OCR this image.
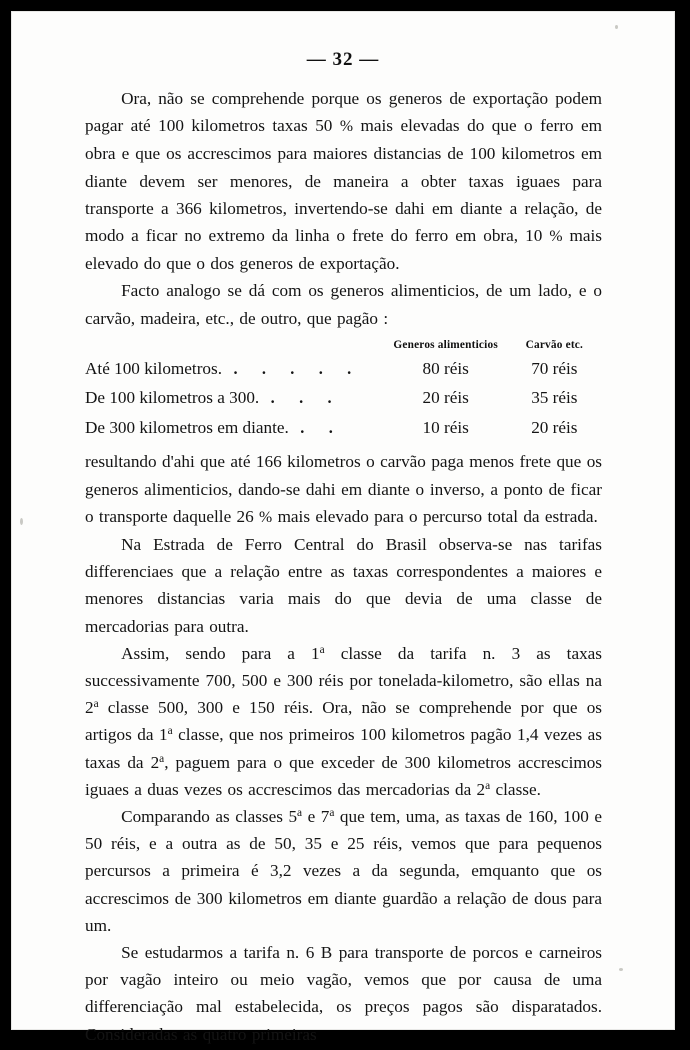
— 32 —

Ora, não se comprehende porque os generos de exportação podem pagar até 100 kilometros taxas 50 % mais elevadas do que o ferro em obra e que os accrescimos para maiores distancias de 100 kilometros em diante devem ser menores, de maneira a obter taxas iguaes para transporte a 366 kilometros, invertendo-se dahi em diante a relação, de modo a ficar no extremo da linha o frete do ferro em obra, 10 % mais elevado do que o dos generos de exportação.

Facto analogo se dá com os generos alimenticios, de um lado, e o carvão, madeira, etc., de outro, que pagão :

	Generos alimenticios	Carvão etc.
Até 100 kilometros. . . . . .	80 réis	70 réis
De 100 kilometros a 300. . . .	20 réis	35 réis
De 300 kilometros em diante. . .	10 réis	20 réis

resultando d'ahi que até 166 kilometros o carvão paga menos frete que os generos alimenticios, dando-se dahi em diante o inverso, a ponto de ficar o transporte daquelle 26 % mais elevado para o percurso total da estrada.

Na Estrada de Ferro Central do Brasil observa-se nas tarifas differenciaes que a relação entre as taxas correspondentes a maiores e menores distancias varia mais do que devia de uma classe de mercadorias para outra.

Assim, sendo para a 1$^a$ classe da tarifa n. 3 as taxas successivamente 700, 500 e 300 réis por tonelada-kilometro, são ellas na 2$^a$ classe 500, 300 e 150 réis. Ora, não se comprehende por que os artigos da 1$^a$ classe, que nos primeiros 100 kilometros pagão 1,4 vezes as taxas da 2$^a$, paguem para o que exceder de 300 kilometros accrescimos iguaes a duas vezes os accrescimos das mercadorias da 2$^a$ classe.

Comparando as classes 5$^a$ e 7$^a$ que tem, uma, as taxas de 160, 100 e 50 réis, e a outra as de 50, 35 e 25 réis, vemos que para pequenos percursos a primeira é 3,2 vezes a da segunda, emquanto que os accrescimos de 300 kilometros em diante guardão a relação de dous para um.

Se estudarmos a tarifa n. 6 B para transporte de porcos e carneiros por vagão inteiro ou meio vagão, vemos que por causa de uma differenciação mal estabelecida, os preços pagos são disparatados. Consideradas as quatro primeiras
